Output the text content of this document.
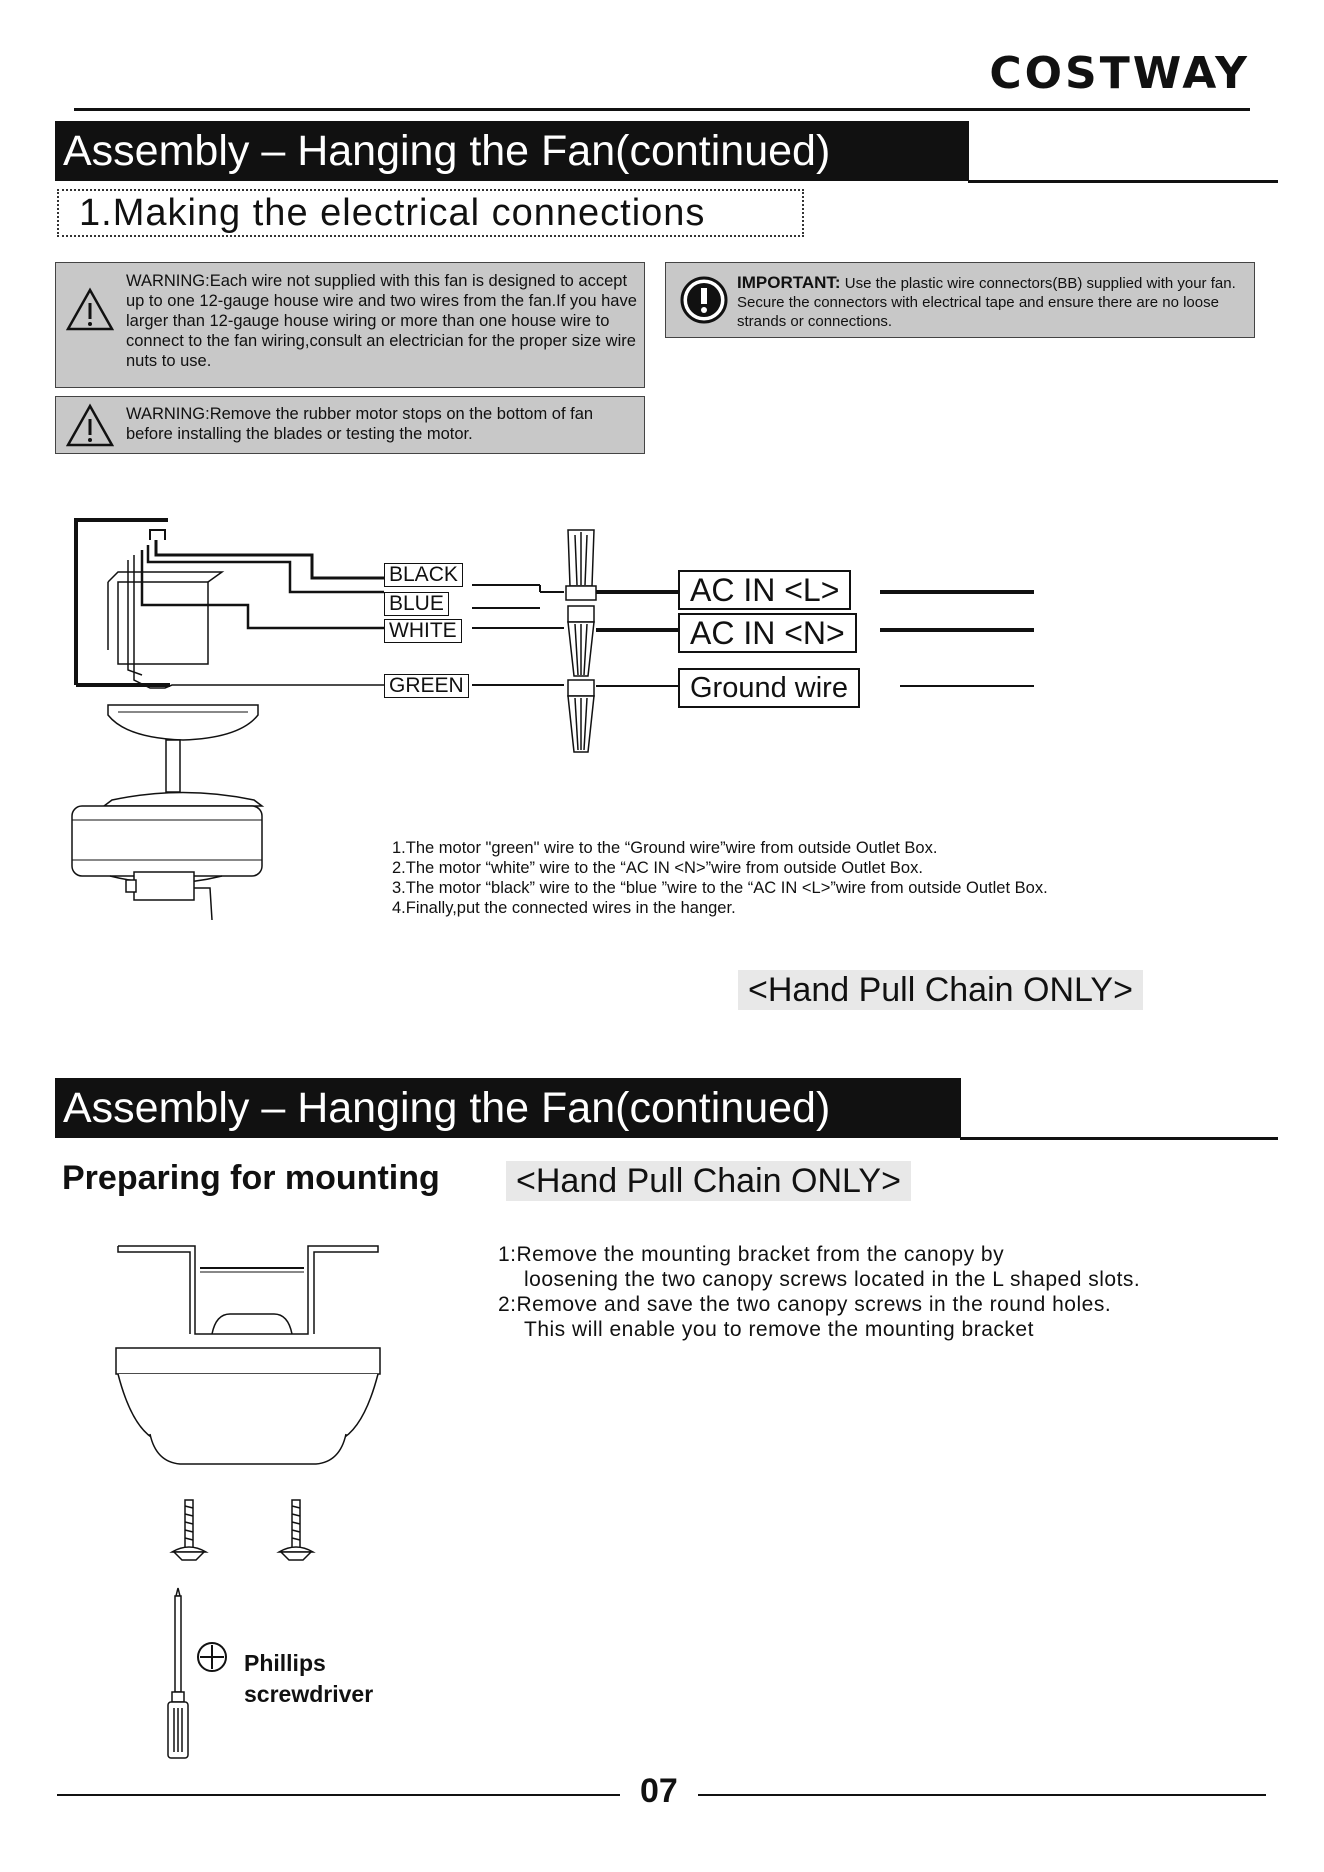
COSTWAY
Assembly – Hanging the Fan(continued)
1.Making the electrical connections
WARNING:Each wire not supplied with this fan is designed to accept up to one 12-gauge house wire and two wires from the fan.If you have larger than 12-gauge house wiring or more than one house wire to connect to the fan wiring,consult an electrician for the proper size wire nuts to use.
WARNING:Remove the rubber motor stops on the bottom of fan before installing the blades or testing the motor.
IMPORTANT: Use the plastic wire connectors(BB) supplied with your fan. Secure the connectors with electrical tape and ensure there are no loose strands or connections.
BLACK
BLUE
WHITE
GREEN
AC IN <L>
AC IN <N>
Ground wire
1.The motor "green" wire to the “Ground wire”wire from outside Outlet Box.
2.The motor “white” wire to the “AC IN <N>”wire from outside Outlet Box.
3.The motor “black” wire to the “blue ”wire to the “AC IN <L>”wire from outside Outlet Box.
4.Finally,put the connected wires in the hanger.
<Hand Pull Chain ONLY>
Assembly – Hanging the Fan(continued)
Preparing for mounting <Hand Pull Chain ONLY>
1:Remove the mounting bracket from the canopy by
loosening the two canopy screws located in the L shaped slots.
2:Remove and save the two canopy screws in the round holes.
This will enable you to remove the mounting bracket
Phillips
screwdriver
07
